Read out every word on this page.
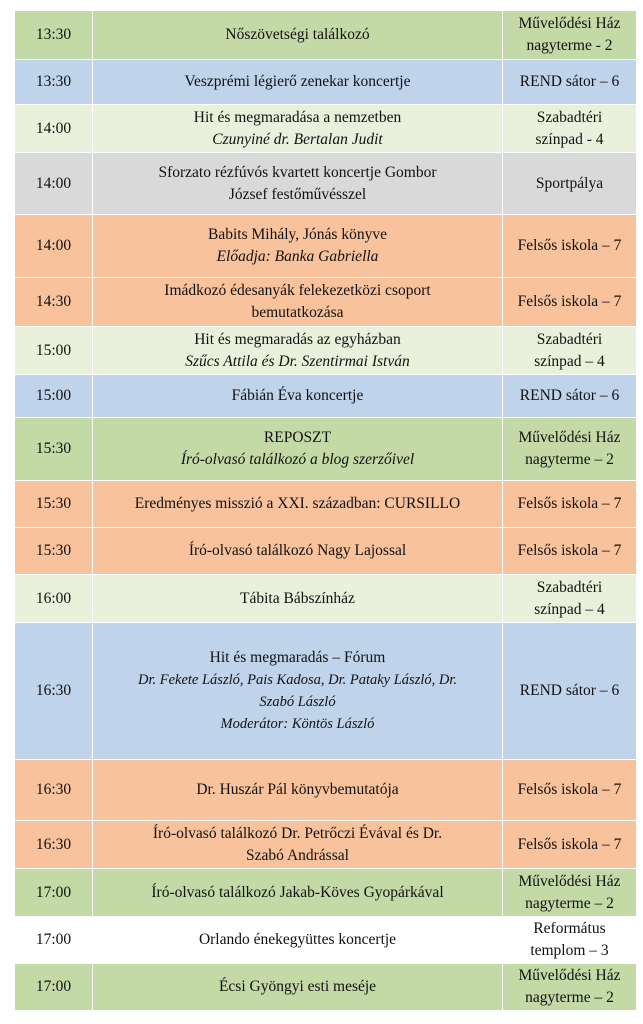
13:30	Nőszövetségi találkozó	Művelődési Ház
nagyterme - 2

13:30	Veszprémi légierő zenekar koncertje	REND sátor – 6

14:00	Hit és megmaradása a nemzetben
Czunyiné dr. Bertalan Judit	Szabadtéri
színpad - 4

14:00	Sforzato rézfúvós kvartett koncertje Gombor
József festőművésszel	Sportpálya

14:00	Babits Mihály, Jónás könyve
Előadja: Banka Gabriella	Felsős iskola – 7

14:30	Imádkozó édesanyák felekezetközi csoport
bemutatkozása	Felsős iskola – 7

15:00	Hit és megmaradás az egyházban
Szűcs Attila és Dr. Szentirmai István	Szabadtéri
színpad – 4

15:00	Fábián Éva koncertje	REND sátor – 6

15:30	REPOSZT
Író-olvasó találkozó a blog szerzőivel	Művelődési Ház
nagyterme – 2

15:30	Eredményes misszió a XXI. században: CURSILLO	Felsős iskola – 7

15:30	Író-olvasó találkozó Nagy Lajossal	Felsős iskola – 7

16:00	Tábita Bábszínház	Szabadtéri
színpad – 4

16:30	Hit és megmaradás – Fórum
Dr. Fekete László, Pais Kadosa, Dr. Pataky László, Dr.
Szabó László
Moderátor: Köntös László	REND sátor – 6

16:30	Dr. Huszár Pál könyvbemutatója	Felsős iskola – 7

16:30	Író-olvasó találkozó Dr. Petrőczi Évával és Dr.
Szabó Andrással	Felsős iskola – 7

17:00	Író-olvasó találkozó Jakab-Köves Gyopárkával	Művelődési Ház
nagyterme – 2

17:00	Orlando énekegyüttes koncertje	Református
templom – 3

17:00	Écsi Gyöngyi esti meséje	Művelődési Ház
nagyterme – 2
